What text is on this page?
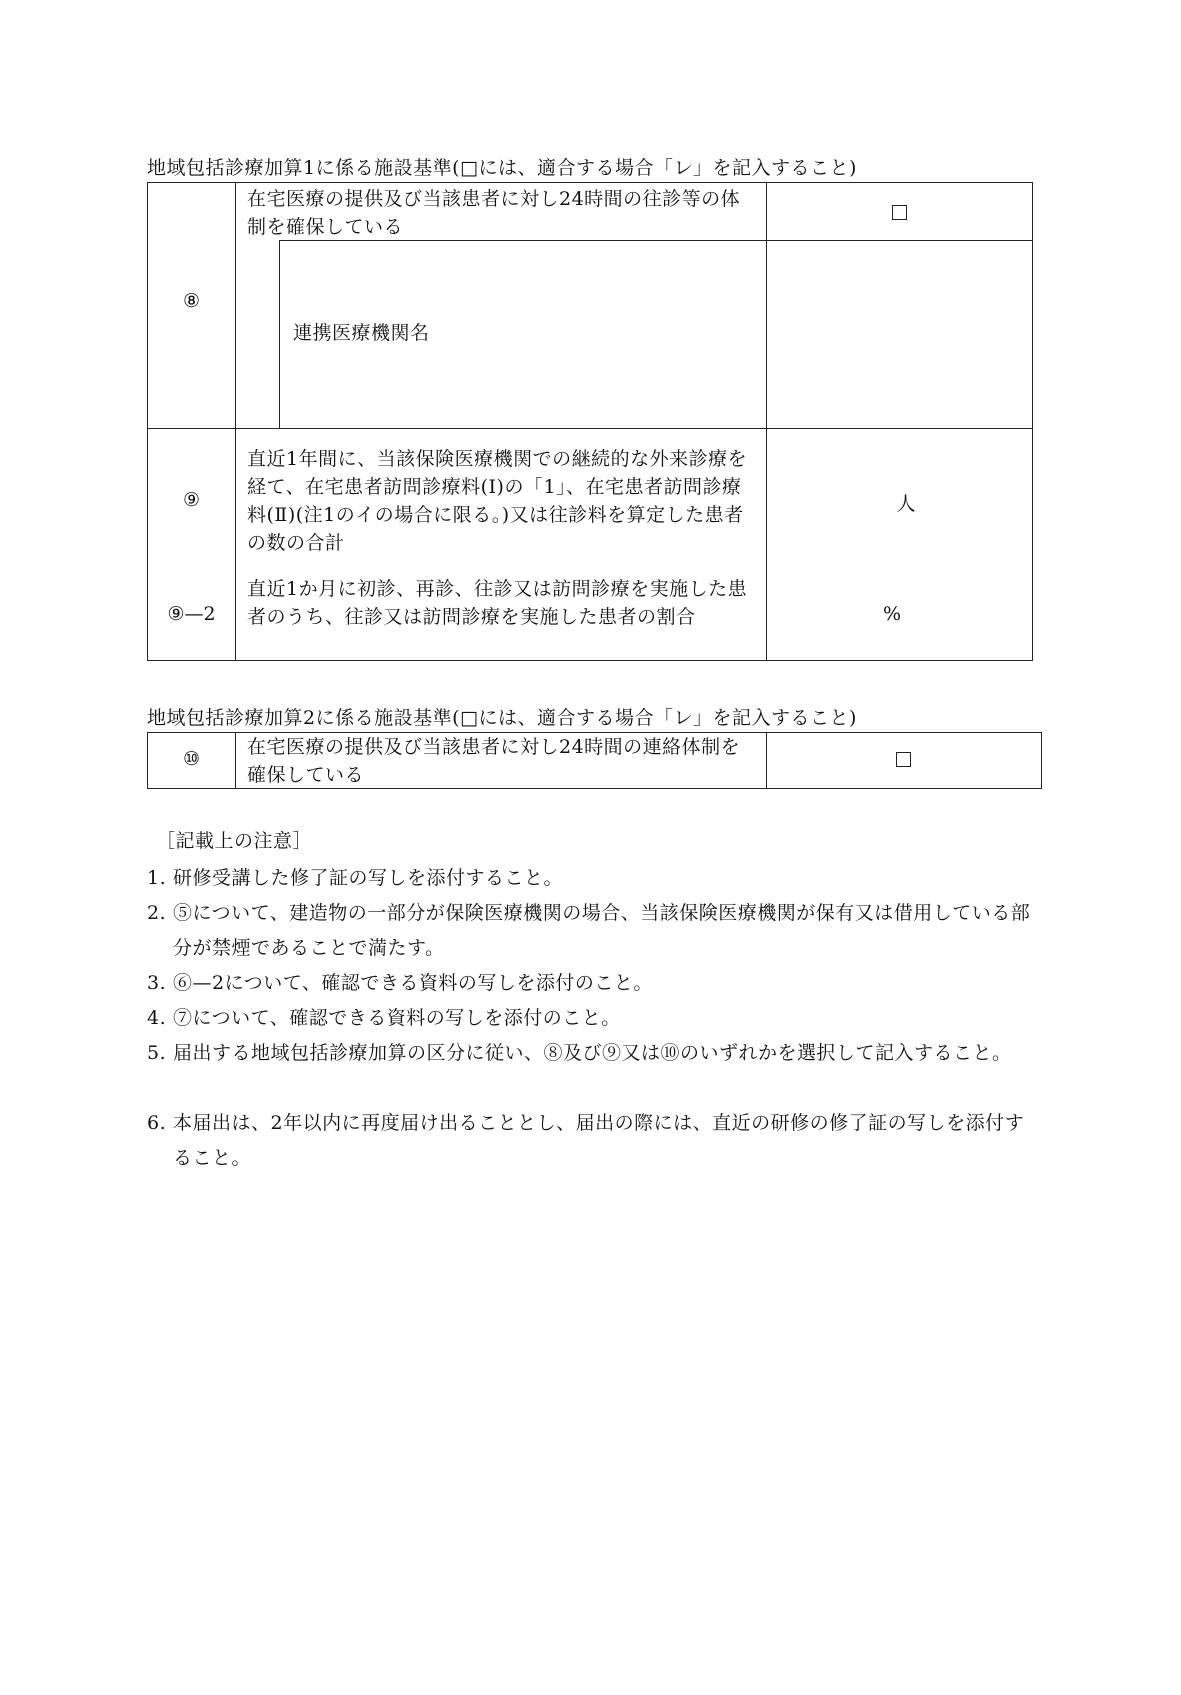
地域包括診療加算1に係る施設基準(□には、適合する場合「レ」を記入すること)
⑧
在宅医療の提供及び当該患者に対し24時間の往診等の体制を確保している
連携医療機関名
⑨
直近1年間に、当該保険医療機関での継続的な外来診療を経て、在宅患者訪問診療料(Ⅰ)の「1」、在宅患者訪問診療料(Ⅱ)(注1のイの場合に限る。)又は往診料を算定した患者の数の合計
人
⑨—2
直近1か月に初診、再診、往診又は訪問診療を実施した患者のうち、往診又は訪問診療を実施した患者の割合	%
地域包括診療加算2に係る施設基準(□には、適合する場合「レ」を記入すること)
⑩
在宅医療の提供及び当該患者に対し24時間の連絡体制を確保している
［記載上の注意］
1. 研修受講した修了証の写しを添付すること。
2. ⑤について、建造物の一部分が保険医療機関の場合、当該保険医療機関が保有又は借用している部分が禁煙であることで満たす。
3. ⑥—2について、確認できる資料の写しを添付のこと。
4. ⑦について、確認できる資料の写しを添付のこと。
5. 届出する地域包括診療加算の区分に従い、⑧及び⑨又は⑩のいずれかを選択して記入すること。
6. 本届出は、2年以内に再度届け出ることとし、届出の際には、直近の研修の修了証の写しを添付すること。
